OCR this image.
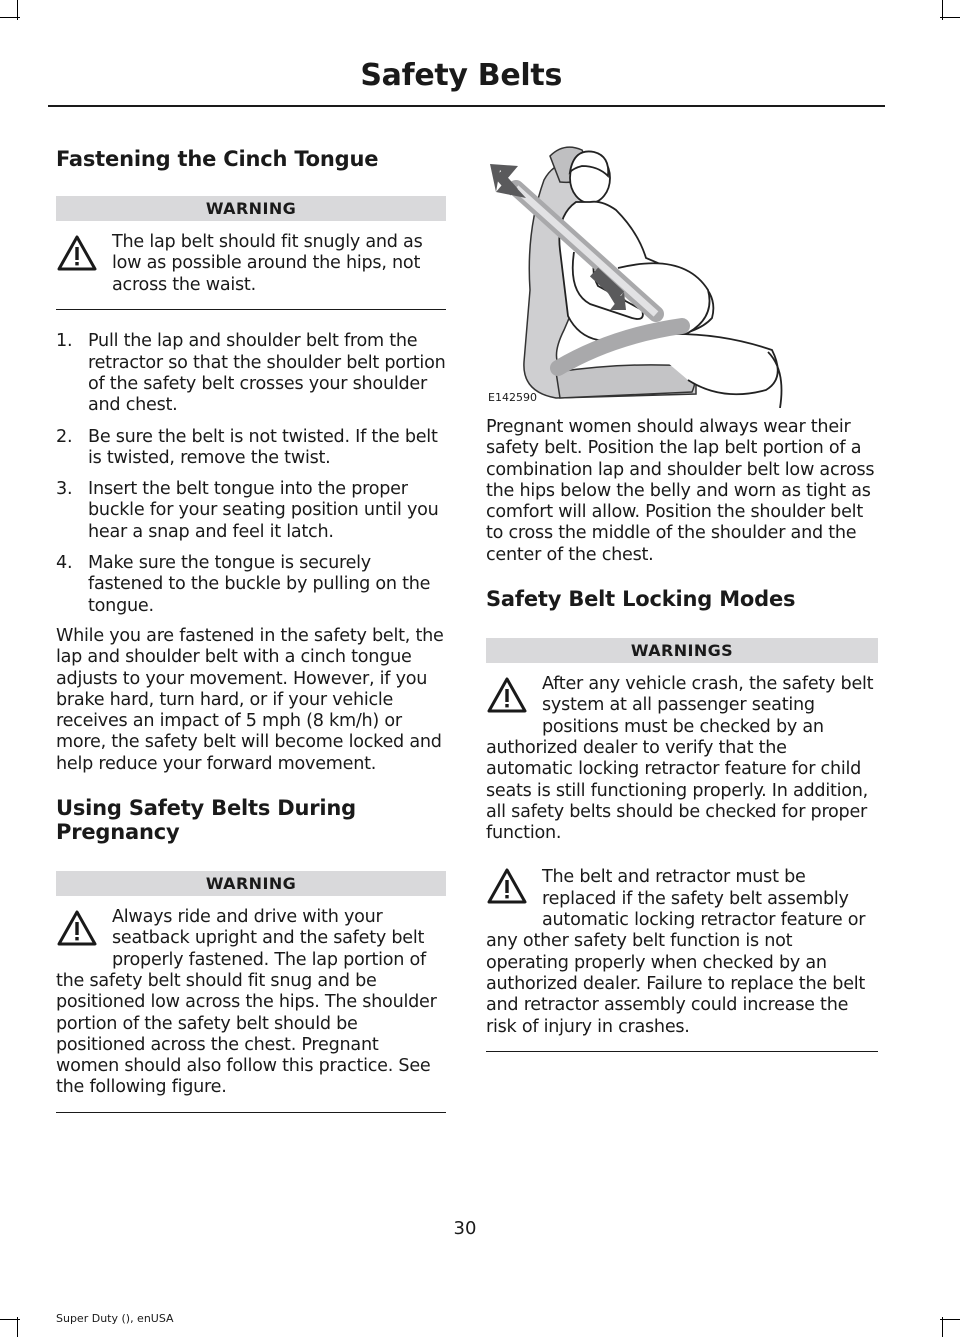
Safety Belts
Fastening the Cinch Tongue
WARNING

The lap belt should fit snugly and as low as possible around the hips, not across the waist.

1. Pull the lap and shoulder belt from the retractor so that the shoulder belt portion of the safety belt crosses your shoulder and chest.
2. Be sure the belt is not twisted. If the belt is twisted, remove the twist.
3. Insert the belt tongue into the proper buckle for your seating position until you hear a snap and feel it latch.
4. Make sure the tongue is securely fastened to the buckle by pulling on the tongue.

While you are fastened in the safety belt, the lap and shoulder belt with a cinch tongue adjusts to your movement. However, if you brake hard, turn hard, or if your vehicle receives an impact of 5 mph (8 km/h) or more, the safety belt will become locked and help reduce your forward movement.

Using Safety Belts During Pregnancy
WARNING

Always ride and drive with your seatback upright and the safety belt properly fastened. The lap portion of the safety belt should fit snug and be positioned low across the hips. The shoulder portion of the safety belt should be positioned across the chest. Pregnant women should also follow this practice. See the following figure.

E142590

Pregnant women should always wear their safety belt. Position the lap belt portion of a combination lap and shoulder belt low across the hips below the belly and worn as tight as comfort will allow. Position the shoulder belt to cross the middle of the shoulder and the center of the chest.

Safety Belt Locking Modes
WARNINGS

After any vehicle crash, the safety belt system at all passenger seating positions must be checked by an authorized dealer to verify that the automatic locking retractor feature for child seats is still functioning properly. In addition, all safety belts should be checked for proper function.

The belt and retractor must be replaced if the safety belt assembly automatic locking retractor feature or any other safety belt function is not operating properly when checked by an authorized dealer. Failure to replace the belt and retractor assembly could increase the risk of injury in crashes.

30
Super Duty (), enUSA
